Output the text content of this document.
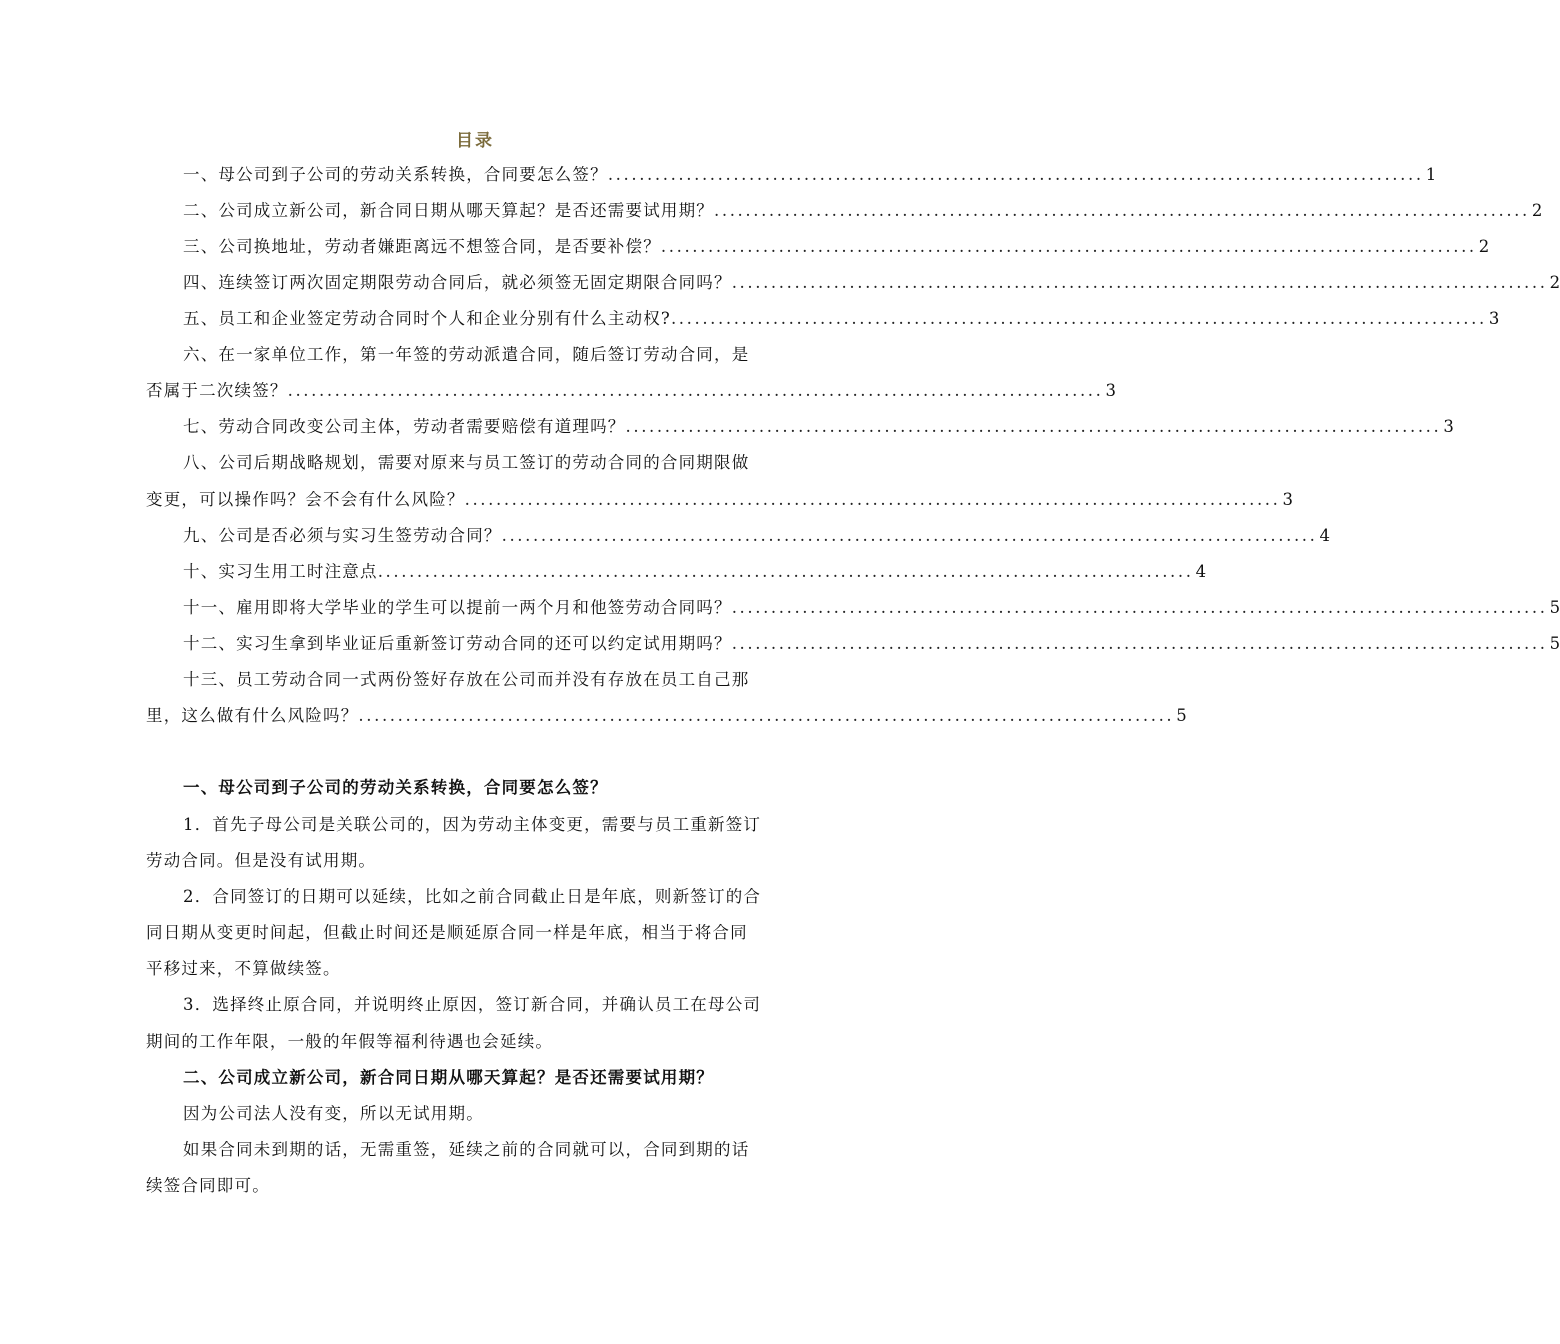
目录
一、母公司到子公司的劳动关系转换，合同要怎么签？ ........................................................................................................ 1
二、公司成立新公司，新合同日期从哪天算起？是否还需要试用期？ ........................................................................................................ 2
三、公司换地址，劳动者嫌距离远不想签合同，是否要补偿？ ........................................................................................................ 2
四、连续签订两次固定期限劳动合同后，就必须签无固定期限合同吗？ ........................................................................................................ 2
五、员工和企业签定劳动合同时个人和企业分别有什么主动权? ........................................................................................................ 3
六、在一家单位工作，第一年签的劳动派遣合同，随后签订劳动合同，是
否属于二次续签？ ........................................................................................................ 3
七、劳动合同改变公司主体，劳动者需要赔偿有道理吗？ ........................................................................................................ 3
八、公司后期战略规划，需要对原来与员工签订的劳动合同的合同期限做
变更，可以操作吗？会不会有什么风险？ ........................................................................................................ 3
九、公司是否必须与实习生签劳动合同？ ........................................................................................................ 4
十、实习生用工时注意点 ........................................................................................................ 4
十一、雇用即将大学毕业的学生可以提前一两个月和他签劳动合同吗？ ........................................................................................................ 5
十二、实习生拿到毕业证后重新签订劳动合同的还可以约定试用期吗？ ........................................................................................................ 5
十三、员工劳动合同一式两份签好存放在公司而并没有存放在员工自己那
里，这么做有什么风险吗？ ........................................................................................................ 5
一、母公司到子公司的劳动关系转换，合同要怎么签？
1．首先子母公司是关联公司的，因为劳动主体变更，需要与员工重新签订
劳动合同。但是没有试用期。
2．合同签订的日期可以延续，比如之前合同截止日是年底，则新签订的合
同日期从变更时间起，但截止时间还是顺延原合同一样是年底，相当于将合同
平移过来，不算做续签。
3．选择终止原合同，并说明终止原因，签订新合同，并确认员工在母公司
期间的工作年限，一般的年假等福利待遇也会延续。
二、公司成立新公司，新合同日期从哪天算起？是否还需要试用期？
因为公司法人没有变，所以无试用期。
如果合同未到期的话，无需重签，延续之前的合同就可以，合同到期的话
续签合同即可。
